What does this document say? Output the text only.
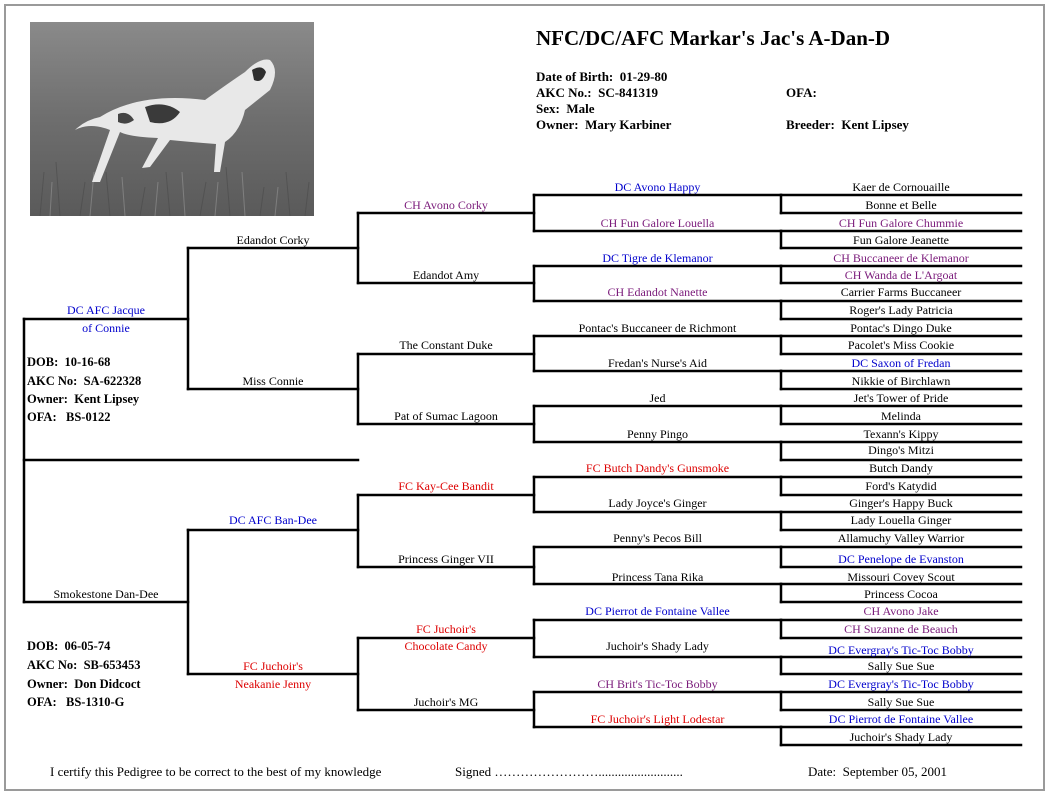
NFC/DC/AFC Markar's Jac's A-Dan-D
Date of Birth: 01-29-80
AKC No.: SC-841319
Sex: Male
Owner: Mary Karbiner
OFA:
Breeder: Kent Lipsey
DC AFC Jacque
of Connie
DOB: 10-16-68
AKC No: SA-622328
Owner: Kent Lipsey
OFA: BS-0122
Smokestone Dan-Dee
DOB: 06-05-74
AKC No: SB-653453
Owner: Don Didcoct
OFA: BS-1310-G
Edandot Corky
Miss Connie
DC AFC Ban-Dee
FC Juchoir's
Neakanie Jenny
CH Avono Corky
Edandot Amy
The Constant Duke
Pat of Sumac Lagoon
FC Kay-Cee Bandit
Princess Ginger VII
FC Juchoir's
Chocolate Candy
Juchoir's MG
DC Avono Happy
CH Fun Galore Louella
DC Tigre de Klemanor
CH Edandot Nanette
Pontac's Buccaneer de Richmont
Fredan's Nurse's Aid
Jed
Penny Pingo
FC Butch Dandy's Gunsmoke
Lady Joyce's Ginger
Penny's Pecos Bill
Princess Tana Rika
DC Pierrot de Fontaine Vallee
Juchoir's Shady Lady
CH Brit's Tic-Toc Bobby
FC Juchoir's Light Lodestar
Kaer de Cornouaille
Bonne et Belle
CH Fun Galore Chummie
Fun Galore Jeanette
CH Buccaneer de Klemanor
CH Wanda de L'Argoat
Carrier Farms Buccaneer
Roger's Lady Patricia
Pontac's Dingo Duke
Pacolet's Miss Cookie
DC Saxon of Fredan
Nikkie of Birchlawn
Jet's Tower of Pride
Melinda
Texann's Kippy
Dingo's Mitzi
Butch Dandy
Ford's Katydid
Ginger's Happy Buck
Lady Louella Ginger
Allamuchy Valley Warrior
DC Penelope de Evanston
Missouri Covey Scout
Princess Cocoa
CH Avono Jake
CH Suzanne de Beauch
DC Evergray's Tic-Toc Bobby
Sally Sue Sue
DC Evergray's Tic-Toc Bobby
Sally Sue Sue
DC Pierrot de Fontaine Vallee
Juchoir's Shady Lady
I certify this Pedigree to be correct to the best of my knowledge	Signed ……………………..........................	Date: September 05, 2001
